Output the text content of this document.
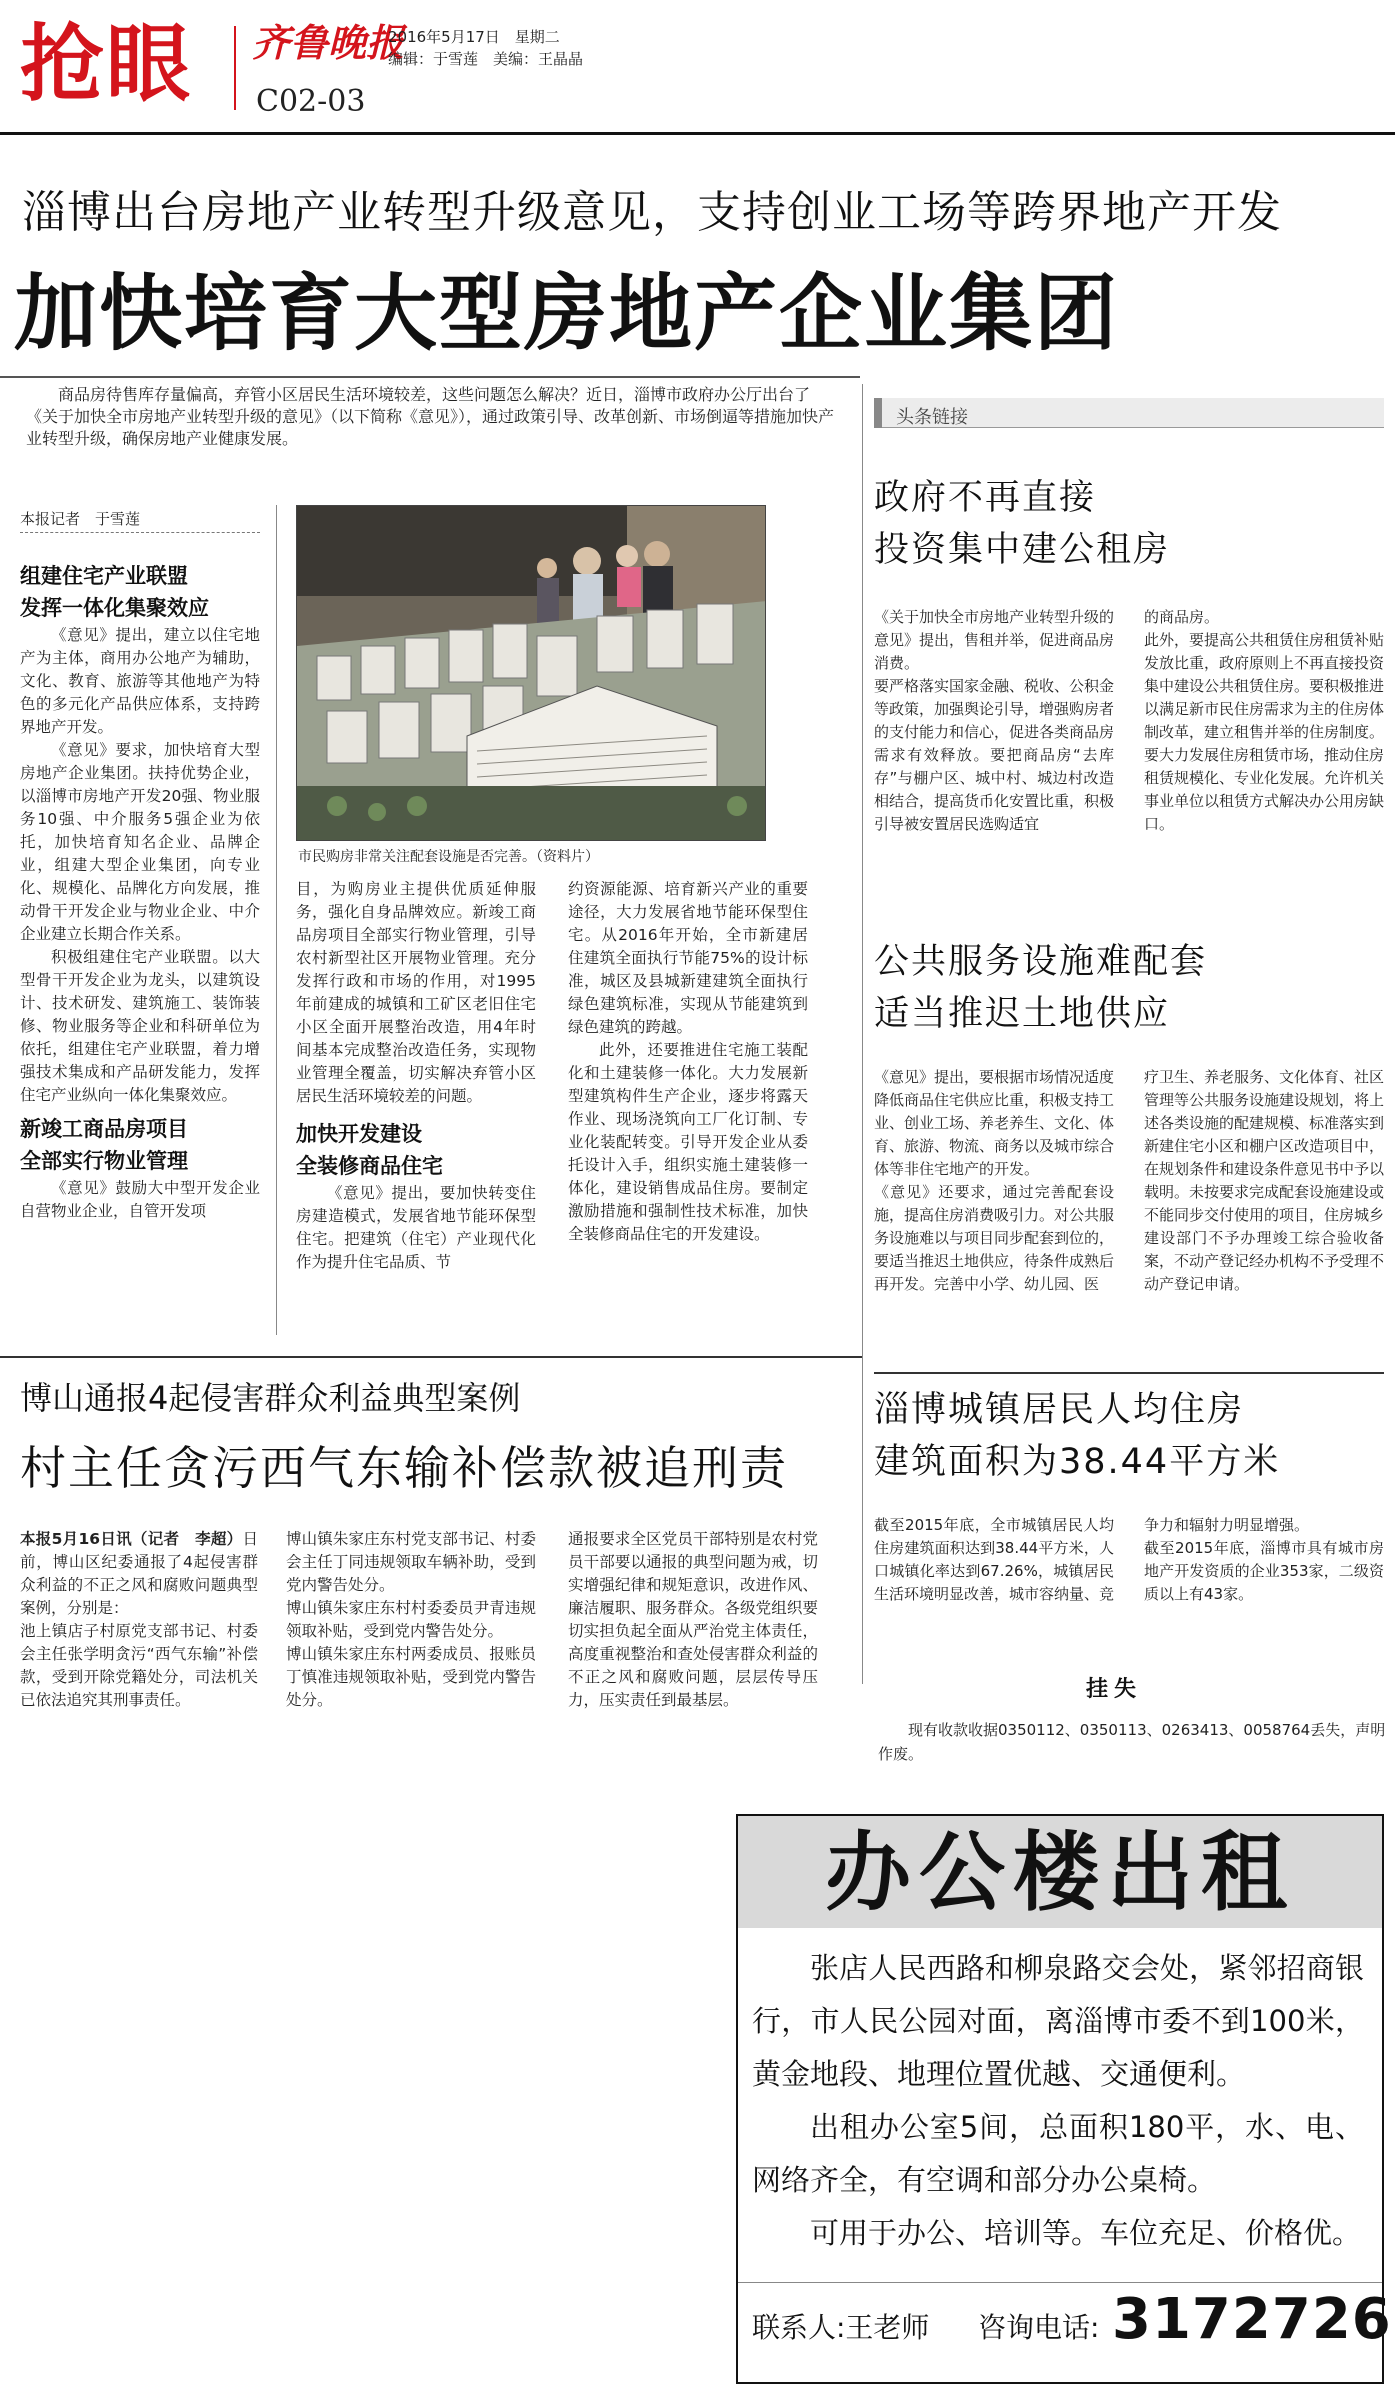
抢眼 齐鲁晚报
2016年5月17日　星期二
编辑：于雪莲　美编：王晶晶
C02-03
淄博出台房地产业转型升级意见，支持创业工场等跨界地产开发
加快培育大型房地产企业集团
商品房待售库存量偏高，弃管小区居民生活环境较差，这些问题怎么解决？近日，淄博市政府办公厅出台了《关于加快全市房地产业转型升级的意见》（以下简称《意见》），通过政策引导、改革创新、市场倒逼等措施加快产业转型升级，确保房地产业健康发展。
本报记者　于雪莲
组建住宅产业联盟
发挥一体化集聚效应

《意见》提出，建立以住宅地产为主体，商用办公地产为辅助，文化、教育、旅游等其他地产为特色的多元化产品供应体系，支持跨界地产开发。

《意见》要求，加快培育大型房地产企业集团。扶持优势企业，以淄博市房地产开发20强、物业服务10强、中介服务5强企业为依托，加快培育知名企业、品牌企业，组建大型企业集团，向专业化、规模化、品牌化方向发展，推动骨干开发企业与物业企业、中介企业建立长期合作关系。

积极组建住宅产业联盟。以大型骨干开发企业为龙头，以建筑设计、技术研发、建筑施工、装饰装修、物业服务等企业和科研单位为依托，组建住宅产业联盟，着力增强技术集成和产品研发能力，发挥住宅产业纵向一体化集聚效应。

新竣工商品房项目
全部实行物业管理

《意见》鼓励大中型开发企业自营物业企业，自管开发项

市民购房非常关注配套设施是否完善。（资料片）

目，为购房业主提供优质延伸服务，强化自身品牌效应。新竣工商品房项目全部实行物业管理，引导农村新型社区开展物业管理。充分发挥行政和市场的作用，对1995年前建成的城镇和工矿区老旧住宅小区全面开展整治改造，用4年时间基本完成整治改造任务，实现物业管理全覆盖，切实解决弃管小区居民生活环境较差的问题。

加快开发建设
全装修商品住宅

《意见》提出，要加快转变住房建造模式，发展省地节能环保型住宅。把建筑（住宅）产业现代化作为提升住宅品质、节

约资源能源、培育新兴产业的重要途径，大力发展省地节能环保型住宅。从2016年开始，全市新建居住建筑全面执行节能75%的设计标准，城区及县城新建建筑全面执行绿色建筑标准，实现从节能建筑到绿色建筑的跨越。

此外，还要推进住宅施工装配化和土建装修一体化。大力发展新型建筑构件生产企业，逐步将露天作业、现场浇筑向工厂化订制、专业化装配转变。引导开发企业从委托设计入手，组织实施土建装修一体化，建设销售成品住房。要制定激励措施和强制性技术标准，加快全装修商品住宅的开发建设。

头条链接
政府不再直接
投资集中建公租房
《关于加快全市房地产业转型升级的意见》提出，售租并举，促进商品房消费。
要严格落实国家金融、税收、公积金等政策，加强舆论引导，增强购房者的支付能力和信心，促进各类商品房需求有效释放。要把商品房“去库存”与棚户区、城中村、城边村改造相结合，提高货币化安置比重，积极引导被安置居民选购适宜
的商品房。
此外，要提高公共租赁住房租赁补贴发放比重，政府原则上不再直接投资集中建设公共租赁住房。要积极推进以满足新市民住房需求为主的住房体制改革，建立租售并举的住房制度。要大力发展住房租赁市场，推动住房租赁规模化、专业化发展。允许机关事业单位以租赁方式解决办公用房缺口。
公共服务设施难配套
适当推迟土地供应
《意见》提出，要根据市场情况适度降低商品住宅供应比重，积极支持工业、创业工场、养老养生、文化、体育、旅游、物流、商务以及城市综合体等非住宅地产的开发。
《意见》还要求，通过完善配套设施，提高住房消费吸引力。对公共服务设施难以与项目同步配套到位的，要适当推迟土地供应，待条件成熟后再开发。完善中小学、幼儿园、医
疗卫生、养老服务、文化体育、社区管理等公共服务设施建设规划，将上述各类设施的配建规模、标准落实到新建住宅小区和棚户区改造项目中，在规划条件和建设条件意见书中予以载明。未按要求完成配套设施建设或不能同步交付使用的项目，住房城乡建设部门不予办理竣工综合验收备案，不动产登记经办机构不予受理不动产登记申请。
博山通报4起侵害群众利益典型案例
村主任贪污西气东输补偿款被追刑责
本报5月16日讯（记者　李超）日前，博山区纪委通报了4起侵害群众利益的不正之风和腐败问题典型案例，分别是：
池上镇店子村原党支部书记、村委会主任张学明贪污“西气东输”补偿款，受到开除党籍处分，司法机关已依法追究其刑事责任。
博山镇朱家庄东村党支部书记、村委会主任丁同违规领取车辆补助，受到党内警告处分。
博山镇朱家庄东村村委委员尹青违规领取补贴，受到党内警告处分。
博山镇朱家庄东村两委成员、报账员丁慎准违规领取补贴，受到党内警告处分。
通报要求全区党员干部特别是农村党员干部要以通报的典型问题为戒，切实增强纪律和规矩意识，改进作风、廉洁履职、服务群众。各级党组织要切实担负起全面从严治党主体责任，高度重视整治和查处侵害群众利益的不正之风和腐败问题，层层传导压力，压实责任到最基层。
淄博城镇居民人均住房
建筑面积为38.44平方米
截至2015年底，全市城镇居民人均住房建筑面积达到38.44平方米，人口城镇化率达到67.26%，城镇居民生活环境明显改善，城市容纳量、竞
争力和辐射力明显增强。
截至2015年底，淄博市具有城市房地产开发资质的企业353家，二级资质以上有43家。
挂失
现有收款收据0350112、0350113、0263413、0058764丢失，声明作废。
办公楼出租

张店人民西路和柳泉路交会处，紧邻招商银行，市人民公园对面，离淄博市委不到100米，黄金地段、地理位置优越、交通便利。

出租办公室5间，总面积180平，水、电、网络齐全，有空调和部分办公桌椅。

可用于办公、培训等。车位充足、价格优。

联系人:王老师 咨询电话: 3172726
